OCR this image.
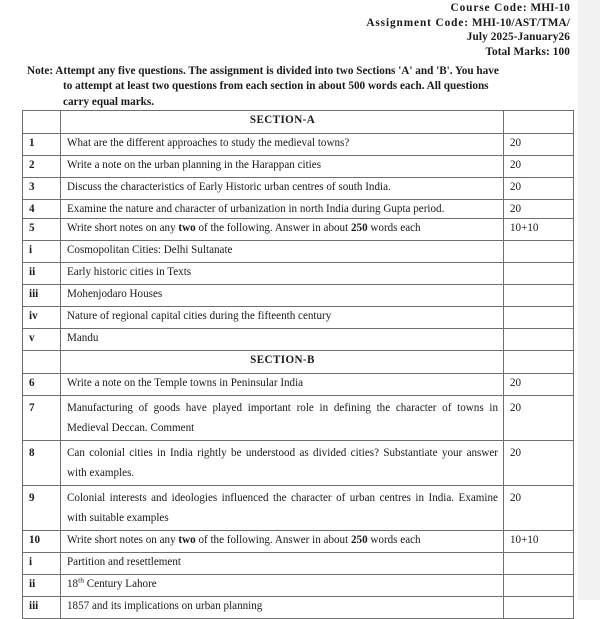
Course Code: MHI-10
Assignment Code: MHI-10/AST/TMA/
July 2025-January26
Total Marks: 100
Note: Attempt any five questions. The assignment is divided into two Sections 'A' and 'B'. You have
to attempt at least two questions from each section in about 500 words each. All questions
carry equal marks.
	SECTION-A	
1	What are the different approaches to study the medieval towns?	20
2	Write a note on the urban planning in the Harappan cities	20
3	Discuss the characteristics of Early Historic urban centres of south India.	20
4	Examine the nature and character of urbanization in north India during Gupta period.	20
5	Write short notes on any two of the following. Answer in about 250 words each	10+10
i	Cosmopolitan Cities: Delhi Sultanate	
ii	Early historic cities in Texts	
iii	Mohenjodaro Houses	
iv	Nature of regional capital cities during the fifteenth century	
v	Mandu	
	SECTION-B	
6	Write a note on the Temple towns in Peninsular India	20
7	Manufacturing of goods have played important role in defining the character of towns in Medieval Deccan. Comment	20
8	Can colonial cities in India rightly be understood as divided cities? Substantiate your answer with examples.	20
9	Colonial interests and ideologies influenced the character of urban centres in India. Examine with suitable examples	20
10	Write short notes on any two of the following. Answer in about 250 words each	10+10
i	Partition and resettlement	
ii	18th Century Lahore	
iii	1857 and its implications on urban planning	
